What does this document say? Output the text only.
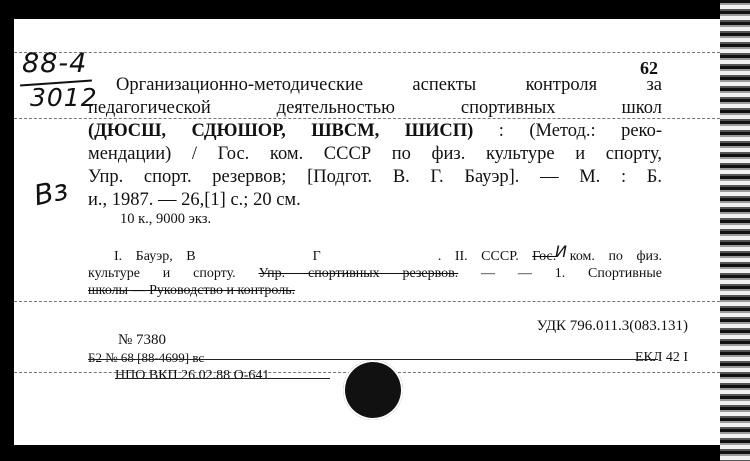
88-4
3012
Вз
62
Организационно-методические аспекты контроля за
педагогической деятельностью спортивных школ
(ДЮСШ, СДЮШОР, ШВСМ, ШИСП) : (Метод.: реко-
мендации) / Гос. ком. СССР по физ. культуре и спорту,
Упр. спорт. резервов; [Подгот. В. Г. Бауэр]. — М. : Б.
и., 1987. — 26,[1] с.; 20 см.
10 к., 9000 экз.
I. Бауэр, В	Г	. II. СССР. Гос. ком. по физ.
культуре и спорту. Упр. спортивных резервов. — — 1. Спортивные
школы — Руководство и контроль.
И
УДК 796.011.3(083.131)
№ 7380
Б2 № 68 [88-4699] вс	ЕКЛ 42 І
НПО ВКП 26.02.88 О-641
